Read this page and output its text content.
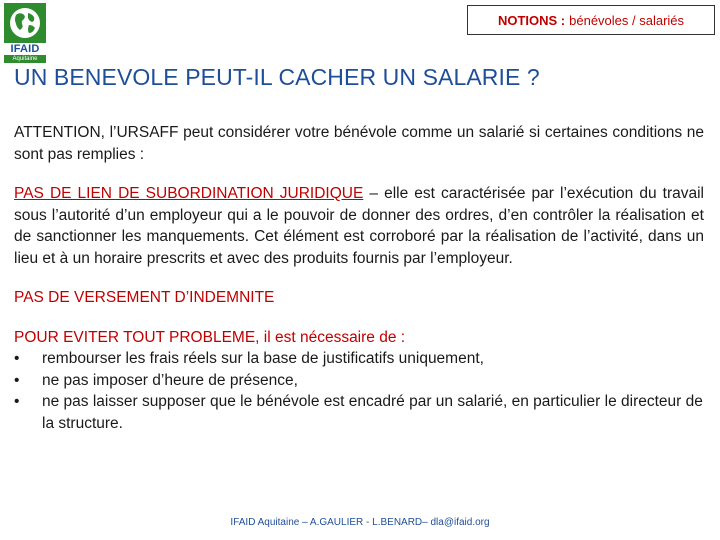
IFAID
Aquitaine
NOTIONS : bénévoles / salariés
UN BENEVOLE PEUT-IL CACHER UN SALARIE ?

ATTENTION, l’URSAFF peut considérer votre bénévole comme un salarié si certaines conditions ne sont pas remplies :

PAS DE LIEN DE SUBORDINATION JURIDIQUE – elle est caractérisée par l’exécution du travail sous l’autorité d’un employeur qui a le pouvoir de donner des ordres, d’en contrôler la réalisation et de sanctionner les manquements. Cet élément est corroboré par la réalisation de l’activité, dans un lieu et à un horaire prescrits et avec des produits fournis par l’employeur.

PAS DE VERSEMENT D’INDEMNITE

POUR EVITER TOUT PROBLEME, il est nécessaire de :

•	rembourser les frais réels sur la base de justificatifs uniquement,
•	ne pas imposer d’heure de présence,
•	ne pas laisser supposer que le bénévole est encadré par un salarié, en particulier le directeur de la structure.
IFAID Aquitaine – A.GAULIER - L.BENARD– dla@ifaid.org
